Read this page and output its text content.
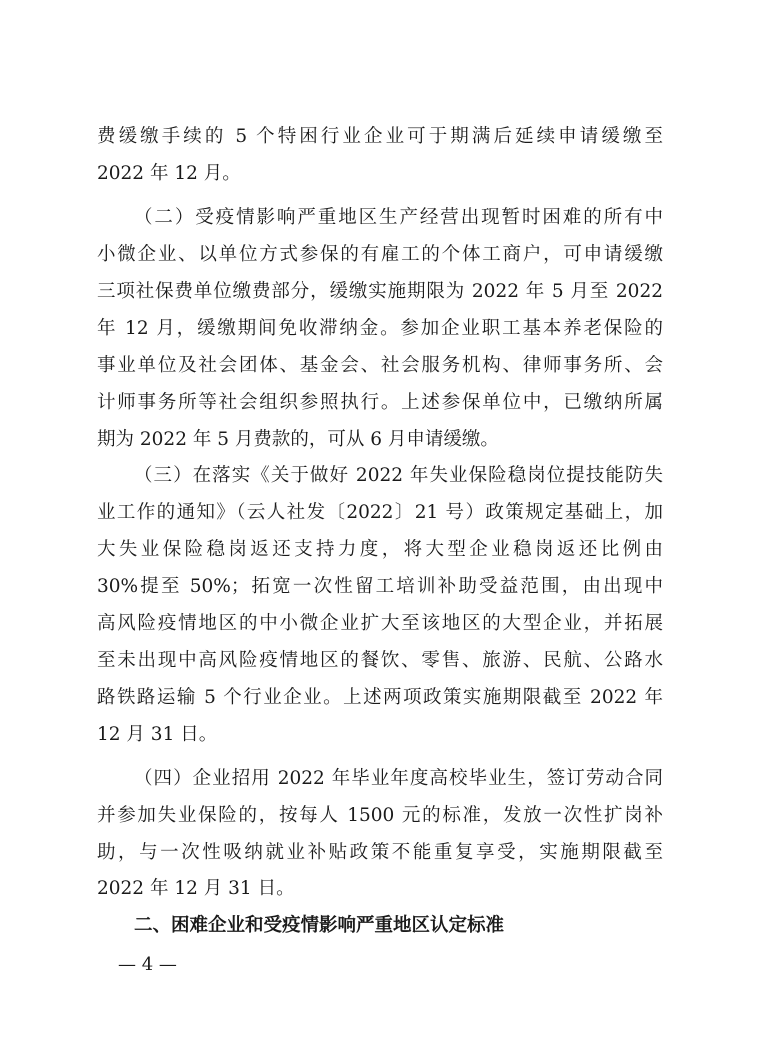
费缓缴手续的 5 个特困行业企业可于期满后延续申请缓缴至
2022 年 12 月。
（二）受疫情影响严重地区生产经营出现暂时困难的所有中
小微企业、以单位方式参保的有雇工的个体工商户，可申请缓缴
三项社保费单位缴费部分，缓缴实施期限为 2022 年 5 月至 2022
年 12 月，缓缴期间免收滞纳金。参加企业职工基本养老保险的
事业单位及社会团体、基金会、社会服务机构、律师事务所、会
计师事务所等社会组织参照执行。上述参保单位中，已缴纳所属
期为 2022 年 5 月费款的，可从 6 月申请缓缴。
（三）在落实《关于做好 2022 年失业保险稳岗位提技能防失
业工作的通知》（云人社发〔2022〕21 号）政策规定基础上，加
大失业保险稳岗返还支持力度，将大型企业稳岗返还比例由
30%提至 50%；拓宽一次性留工培训补助受益范围，由出现中
高风险疫情地区的中小微企业扩大至该地区的大型企业，并拓展
至未出现中高风险疫情地区的餐饮、零售、旅游、民航、公路水
路铁路运输 5 个行业企业。上述两项政策实施期限截至 2022 年
12 月 31 日。
（四）企业招用 2022 年毕业年度高校毕业生，签订劳动合同
并参加失业保险的，按每人 1500 元的标准，发放一次性扩岗补
助，与一次性吸纳就业补贴政策不能重复享受，实施期限截至
2022 年 12 月 31 日。
二、困难企业和受疫情影响严重地区认定标准
— 4 —
